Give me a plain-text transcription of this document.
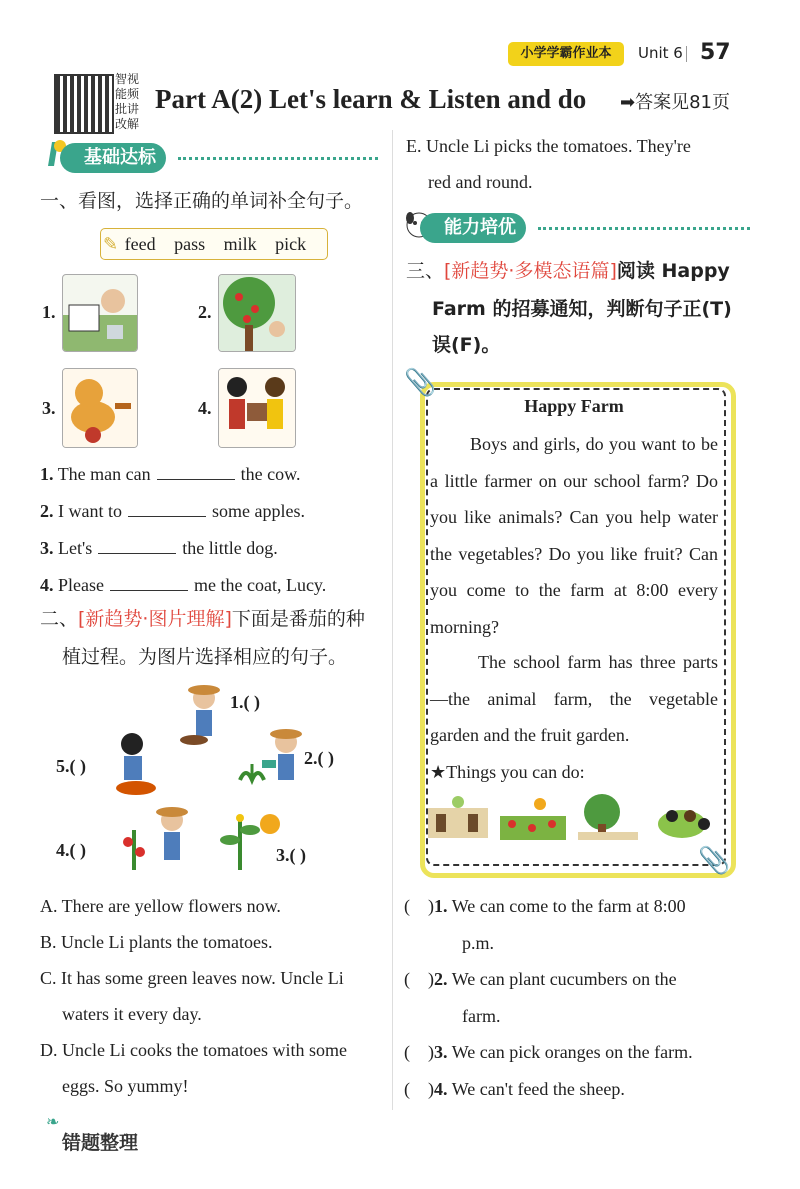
小学学霸作业本	Unit 6 57
智视能频批讲改解
Part A(2) Let's learn & Listen and do ➡答案见81页
基础达标
一、看图，选择正确的单词补全句子。
✎ feed pass milk pick
1.	2.
3.	4.
1. The man can	the cow.
2. I want to	some apples.
3. Let's	the little dog.
4. Please	me the coat, Lucy.
二、[新趋势·图片理解]下面是番茄的种
植过程。为图片选择相应的句子。
1.( )
2.( )
3.( )
4.( )
5.( )
A. There are yellow flowers now.
B. Uncle Li plants the tomatoes.
C. It has some green leaves now. Uncle Li
waters it every day.
D. Uncle Li cooks the tomatoes with some
eggs. So yummy!
❧
错题整理
E. Uncle Li picks the tomatoes. They're
red and round.
能力培优
三、[新趋势·多模态语篇]阅读 Happy
Farm 的招募通知，判断句子正(T)
误(F)。
📎
📎
Happy Farm
Boys and girls, do you want to be a little farmer on our school farm? Do you like animals? Can you help water the vegetables? Do you like fruit? Can you come to the farm at 8:00 every morning?
The school farm has three parts—the animal farm, the vegetable garden and the fruit garden.
★Things you can do:
(    )1. We can come to the farm at 8:00
p.m.
(    )2. We can plant cucumbers on the
farm.
(    )3. We can pick oranges on the farm.
(    )4. We can't feed the sheep.
